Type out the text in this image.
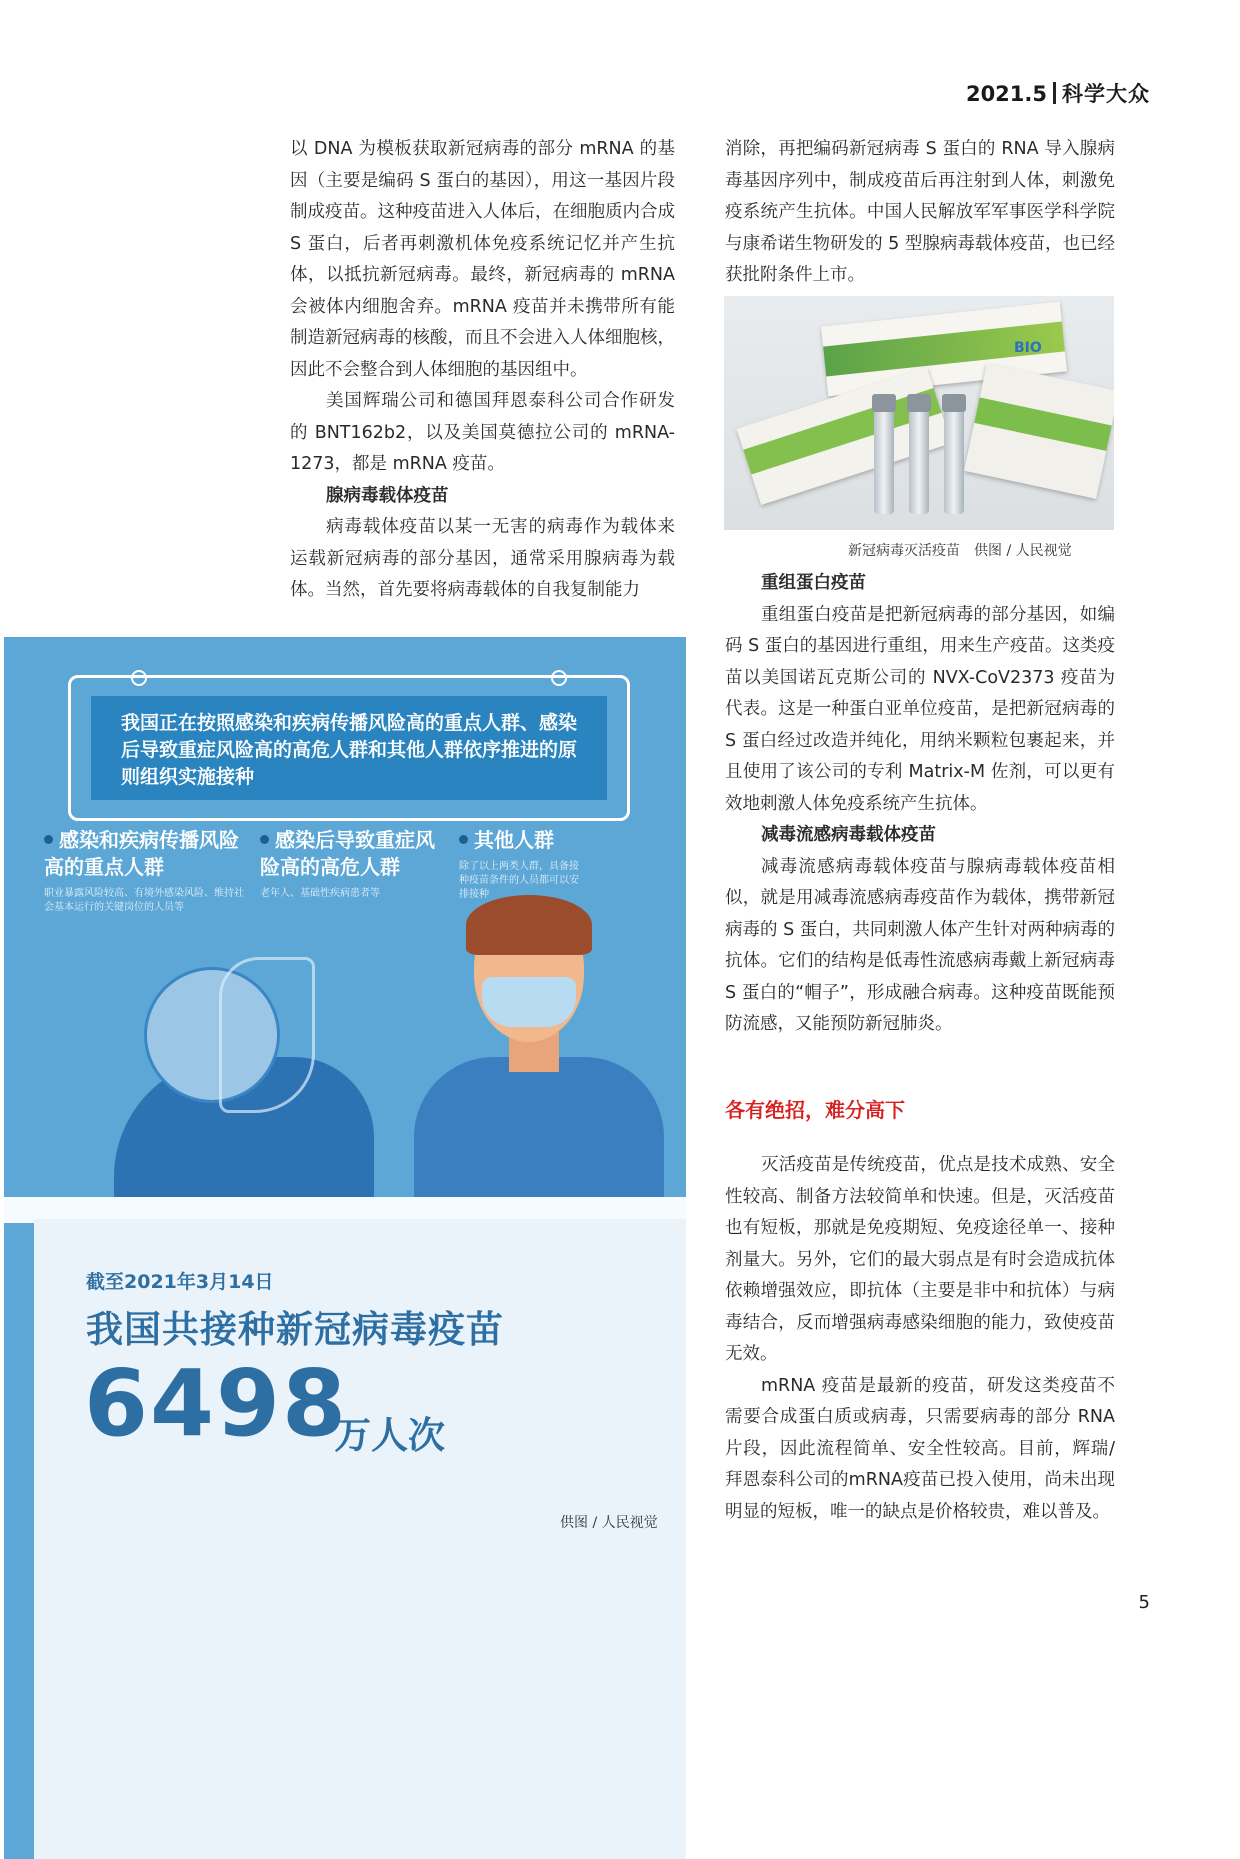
2021.5 科学大众

以 DNA 为模板获取新冠病毒的部分 mRNA 的基因（主要是编码 S 蛋白的基因），用这一基因片段制成疫苗。这种疫苗进入人体后，在细胞质内合成 S 蛋白，后者再刺激机体免疫系统记忆并产生抗体，以抵抗新冠病毒。最终，新冠病毒的 mRNA 会被体内细胞舍弃。mRNA 疫苗并未携带所有能制造新冠病毒的核酸，而且不会进入人体细胞核，因此不会整合到人体细胞的基因组中。

美国辉瑞公司和德国拜恩泰科公司合作研发的 BNT162b2，以及美国莫德拉公司的 mRNA-1273，都是 mRNA 疫苗。

腺病毒载体疫苗

病毒载体疫苗以某一无害的病毒作为载体来运载新冠病毒的部分基因，通常采用腺病毒为载体。当然，首先要将病毒载体的自我复制能力

消除，再把编码新冠病毒 S 蛋白的 RNA 导入腺病毒基因序列中，制成疫苗后再注射到人体，刺激免疫系统产生抗体。中国人民解放军军事医学科学院与康希诺生物研发的 5 型腺病毒载体疫苗，也已经获批附条件上市。

BIO
新冠病毒灭活疫苗　供图 / 人民视觉

重组蛋白疫苗

重组蛋白疫苗是把新冠病毒的部分基因，如编码 S 蛋白的基因进行重组，用来生产疫苗。这类疫苗以美国诺瓦克斯公司的 NVX-CoV2373 疫苗为代表。这是一种蛋白亚单位疫苗，是把新冠病毒的 S 蛋白经过改造并纯化，用纳米颗粒包裹起来，并且使用了该公司的专利 Matrix-M 佐剂，可以更有效地刺激人体免疫系统产生抗体。

减毒流感病毒载体疫苗

减毒流感病毒载体疫苗与腺病毒载体疫苗相似，就是用减毒流感病毒疫苗作为载体，携带新冠病毒的 S 蛋白，共同刺激人体产生针对两种病毒的抗体。它们的结构是低毒性流感病毒戴上新冠病毒 S 蛋白的“帽子”，形成融合病毒。这种疫苗既能预防流感，又能预防新冠肺炎。

各有绝招，难分高下

灭活疫苗是传统疫苗，优点是技术成熟、安全性较高、制备方法较简单和快速。但是，灭活疫苗也有短板，那就是免疫期短、免疫途径单一、接种剂量大。另外，它们的最大弱点是有时会造成抗体依赖增强效应，即抗体（主要是非中和抗体）与病毒结合，反而增强病毒感染细胞的能力，致使疫苗无效。

mRNA 疫苗是最新的疫苗，研发这类疫苗不需要合成蛋白质或病毒，只需要病毒的部分 RNA 片段，因此流程简单、安全性较高。目前，辉瑞/拜恩泰科公司的mRNA疫苗已投入使用，尚未出现明显的短板，唯一的缺点是价格较贵，难以普及。

我国正在按照感染和疾病传播风险高的重点人群、感染后导致重症风险高的高危人群和其他人群依序推进的原则组织实施接种
感染和疾病传播风险高的重点人群
职业暴露风险较高、有境外感染风险、维持社会基本运行的关键岗位的人员等
感染后导致重症风险高的高危人群
老年人、基础性疾病患者等
其他人群
除了以上两类人群，具备接种疫苗条件的人员都可以安排接种
截至2021年3月14日
我国共接种新冠病毒疫苗
6498
万人次
供图 / 人民视觉
5
